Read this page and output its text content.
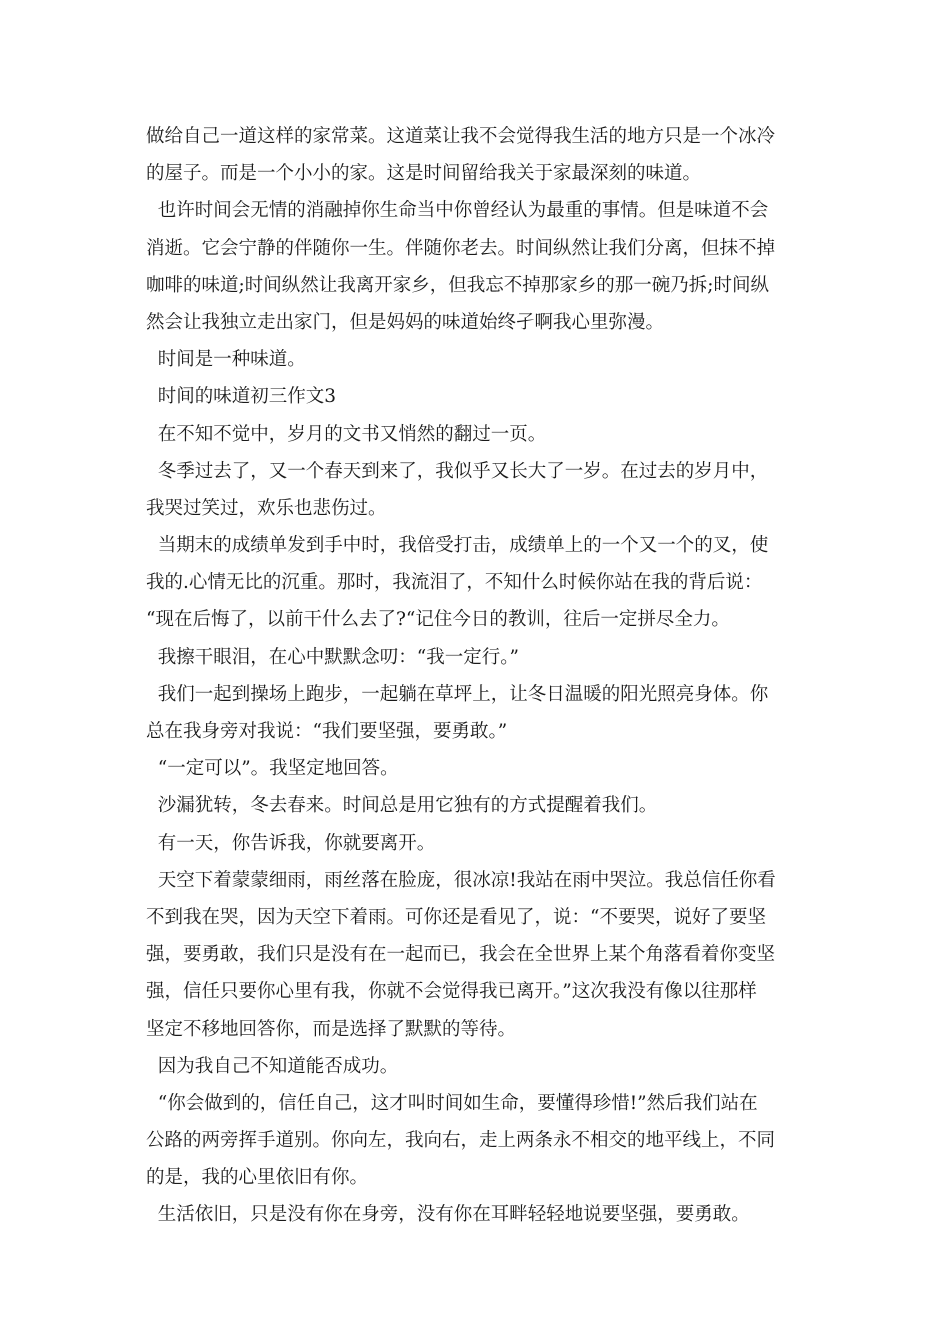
做给自己一道这样的家常菜。这道菜让我不会觉得我生活的地方只是一个冰冷
的屋子。而是一个小小的家。这是时间留给我关于家最深刻的味道。
也许时间会无情的消融掉你生命当中你曾经认为最重的事情。但是味道不会
消逝。它会宁静的伴随你一生。伴随你老去。时间纵然让我们分离，但抹不掉
咖啡的味道;时间纵然让我离开家乡，但我忘不掉那家乡的那一碗乃拆;时间纵
然会让我独立走出家门，但是妈妈的味道始终孑啊我心里弥漫。
时间是一种味道。
时间的味道初三作文3
在不知不觉中，岁月的文书又悄然的翻过一页。
冬季过去了，又一个春天到来了，我似乎又长大了一岁。在过去的岁月中，
我哭过笑过，欢乐也悲伤过。
当期末的成绩单发到手中时，我倍受打击，成绩单上的一个又一个的叉，使
我的.心情无比的沉重。那时，我流泪了，不知什么时候你站在我的背后说：
“现在后悔了，以前干什么去了?“记住今日的教训，往后一定拼尽全力。
我擦干眼泪，在心中默默念叨：“我一定行。”
我们一起到操场上跑步，一起躺在草坪上，让冬日温暖的阳光照亮身体。你
总在我身旁对我说：“我们要坚强，要勇敢。”
“一定可以”。我坚定地回答。
沙漏犹转，冬去春来。时间总是用它独有的方式提醒着我们。
有一天，你告诉我，你就要离开。
天空下着蒙蒙细雨，雨丝落在脸庞，很冰凉!我站在雨中哭泣。我总信任你看
不到我在哭，因为天空下着雨。可你还是看见了，说：“不要哭，说好了要坚
强，要勇敢，我们只是没有在一起而已，我会在全世界上某个角落看着你变坚
强，信任只要你心里有我，你就不会觉得我已离开。”这次我没有像以往那样
坚定不移地回答你，而是选择了默默的等待。
因为我自己不知道能否成功。
“你会做到的，信任自己，这才叫时间如生命，要懂得珍惜!”然后我们站在
公路的两旁挥手道别。你向左，我向右，走上两条永不相交的地平线上，不同
的是，我的心里依旧有你。
生活依旧，只是没有你在身旁，没有你在耳畔轻轻地说要坚强，要勇敢。
